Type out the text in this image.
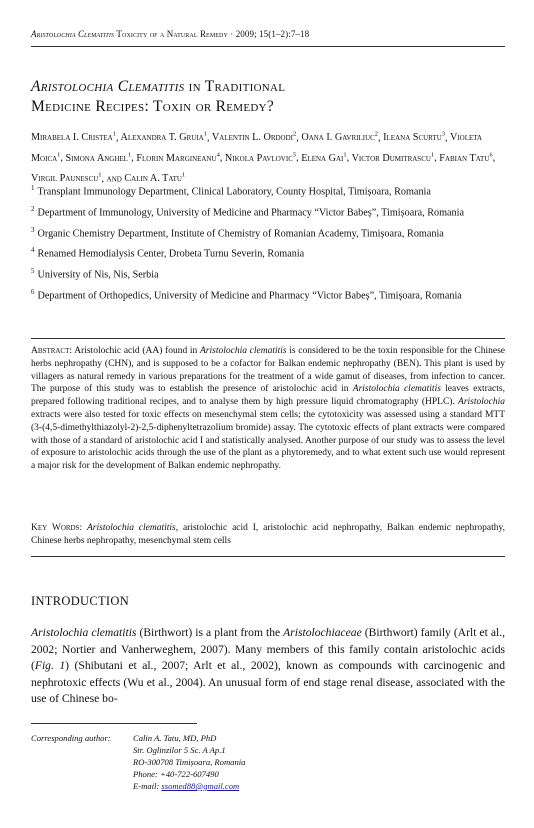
Aristolochia Clematitis Toxicity of a Natural Remedy · 2009; 15(1–2):7–18
Aristolochia Clematitis in Traditional
Medicine Recipes: Toxin or Remedy?
Mirabela I. Cristea$^1$, Alexandra T. Gruia$^1$, Valentin L. Ordodi$^2$, Oana I. Gavriliuc$^2$, Ileana Scurtu$^3$, Violeta Moica$^1$, Simona Anghel$^1$, Florin Margineanu$^4$, Nikola Pavlovic$^5$, Elena Gai$^1$, Victor Dumitrascu$^1$, Fabian Tatu$^6$, Virgil Paunescu$^1$, and Calin A. Tatu$^1$
$^1$ Transplant Immunology Department, Clinical Laboratory, County Hospital, Timișoara, Romania
$^2$ Department of Immunology, University of Medicine and Pharmacy “Victor Babeș”, Timișoara, Romania
$^3$ Organic Chemistry Department, Institute of Chemistry of Romanian Academy, Timișoara, Romania
$^4$ Renamed Hemodialysis Center, Drobeta Turnu Severin, Romania
$^5$ University of Nis, Nis, Serbia
$^6$ Department of Orthopedics, University of Medicine and Pharmacy “Victor Babeș”, Timișoara, Romania
Abstract: Aristolochic acid (AA) found in Aristolochia clematitis is considered to be the toxin responsible for the Chinese herbs nephropathy (CHN), and is supposed to be a cofactor for Balkan endemic nephropathy (BEN). This plant is used by villagers as natural remedy in various preparations for the treatment of a wide gamut of diseases, from infection to cancer. The purpose of this study was to establish the presence of aristolochic acid in Aristolochia clematitis leaves extracts, prepared following traditional recipes, and to analyse them by high pressure liquid chromatography (HPLC). Aristolochia extracts were also tested for toxic effects on mesenchymal stem cells; the cytotoxicity was assessed using a standard MTT (3-(4,5-dimethylthiazolyl-2)-2,5-diphenyltetrazolium bromide) assay. The cytotoxic effects of plant extracts were compared with those of a standard of aristolochic acid I and statistically analysed. Another purpose of our study was to assess the level of exposure to aristolochic acids through the use of the plant as a phytoremedy, and to what extent such use would represent a major risk for the development of Balkan endemic nephropathy.
Key Words: Aristolochia clematitis, aristolochic acid I, aristolochic acid nephropathy, Balkan endemic nephropathy, Chinese herbs nephropathy, mesenchymal stem cells
INTRODUCTION
Aristolochia clematitis (Birthwort) is a plant from the Aristolochiaceae (Birthwort) family (Arlt et al., 2002; Nortier and Vanherweghem, 2007). Many members of this family contain aristolochic acids (Fig. 1) (Shibutani et al., 2007; Arlt et al., 2002), known as compounds with carcinogenic and nephrotoxic effects (Wu et al., 2004). An unusual form of end stage renal disease, associated with the use of Chinese bo-
Corresponding author:	Calin A. Tatu, MD, PhD
Str. Oglinzilor 5 Sc. A Ap.1
RO-300708 Timișoara, Romania
Phone: +40-722-607490
E-mail: ssomed88@gmail.com
